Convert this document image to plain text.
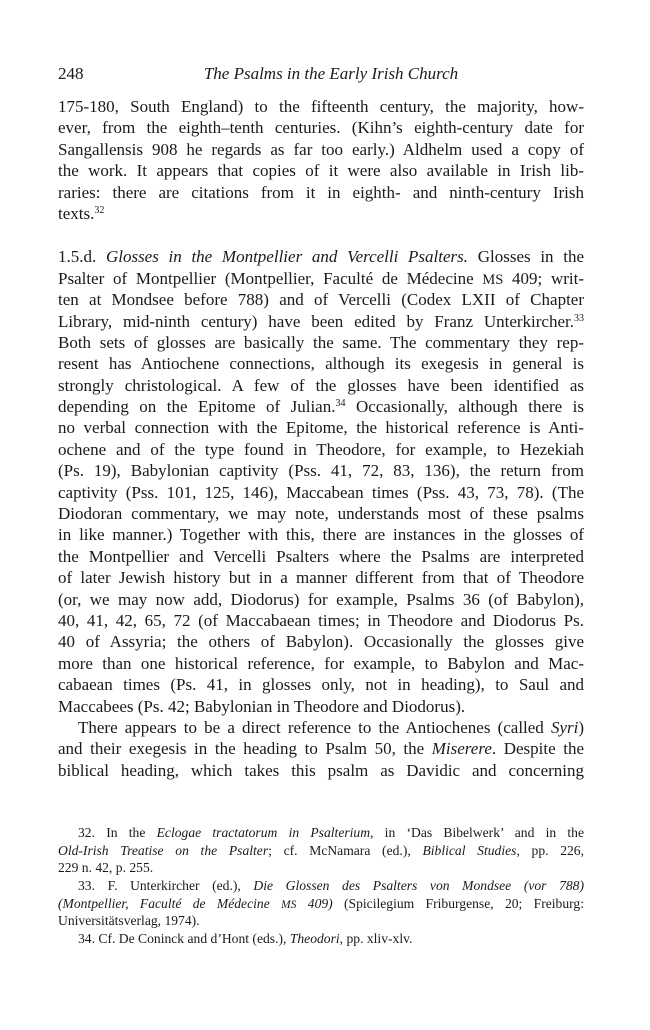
248	The Psalms in the Early Irish Church
175-180, South England) to the fifteenth century, the majority, how-
ever, from the eighth–tenth centuries. (Kihn’s eighth-century date for
Sangallensis 908 he regards as far too early.) Aldhelm used a copy of
the work. It appears that copies of it were also available in Irish lib-
raries: there are citations from it in eighth- and ninth-century Irish
texts.$^{32}$
1.5.d. Glosses in the Montpellier and Vercelli Psalters. Glosses in the
Psalter of Montpellier (Montpellier, Faculté de Médecine MS 409; writ-
ten at Mondsee before 788) and of Vercelli (Codex LXII of Chapter
Library, mid-ninth century) have been edited by Franz Unterkircher.$^{33}$
Both sets of glosses are basically the same. The commentary they rep-
resent has Antiochene connections, although its exegesis in general is
strongly christological. A few of the glosses have been identified as
depending on the Epitome of Julian.$^{34}$ Occasionally, although there is
no verbal connection with the Epitome, the historical reference is Anti-
ochene and of the type found in Theodore, for example, to Hezekiah
(Ps. 19), Babylonian captivity (Pss. 41, 72, 83, 136), the return from
captivity (Pss. 101, 125, 146), Maccabean times (Pss. 43, 73, 78). (The
Diodoran commentary, we may note, understands most of these psalms
in like manner.) Together with this, there are instances in the glosses of
the Montpellier and Vercelli Psalters where the Psalms are interpreted
of later Jewish history but in a manner different from that of Theodore
(or, we may now add, Diodorus) for example, Psalms 36 (of Babylon),
40, 41, 42, 65, 72 (of Maccabaean times; in Theodore and Diodorus Ps.
40 of Assyria; the others of Babylon). Occasionally the glosses give
more than one historical reference, for example, to Babylon and Mac-
cabaean times (Ps. 41, in glosses only, not in heading), to Saul and
Maccabees (Ps. 42; Babylonian in Theodore and Diodorus).
There appears to be a direct reference to the Antiochenes (called Syri)
and their exegesis in the heading to Psalm 50, the Miserere. Despite the
biblical heading, which takes this psalm as Davidic and concerning
32. In the Eclogae tractatorum in Psalterium, in ‘Das Bibelwerk’ and in the
Old-Irish Treatise on the Psalter; cf. McNamara (ed.), Biblical Studies, pp. 226,
229 n. 42, p. 255.
33. F. Unterkircher (ed.), Die Glossen des Psalters von Mondsee (vor 788)
(Montpellier, Faculté de Médecine MS 409) (Spicilegium Friburgense, 20; Freiburg:
Universitätsverlag, 1974).
34. Cf. De Coninck and d’Hont (eds.), Theodori, pp. xliv-xlv.
